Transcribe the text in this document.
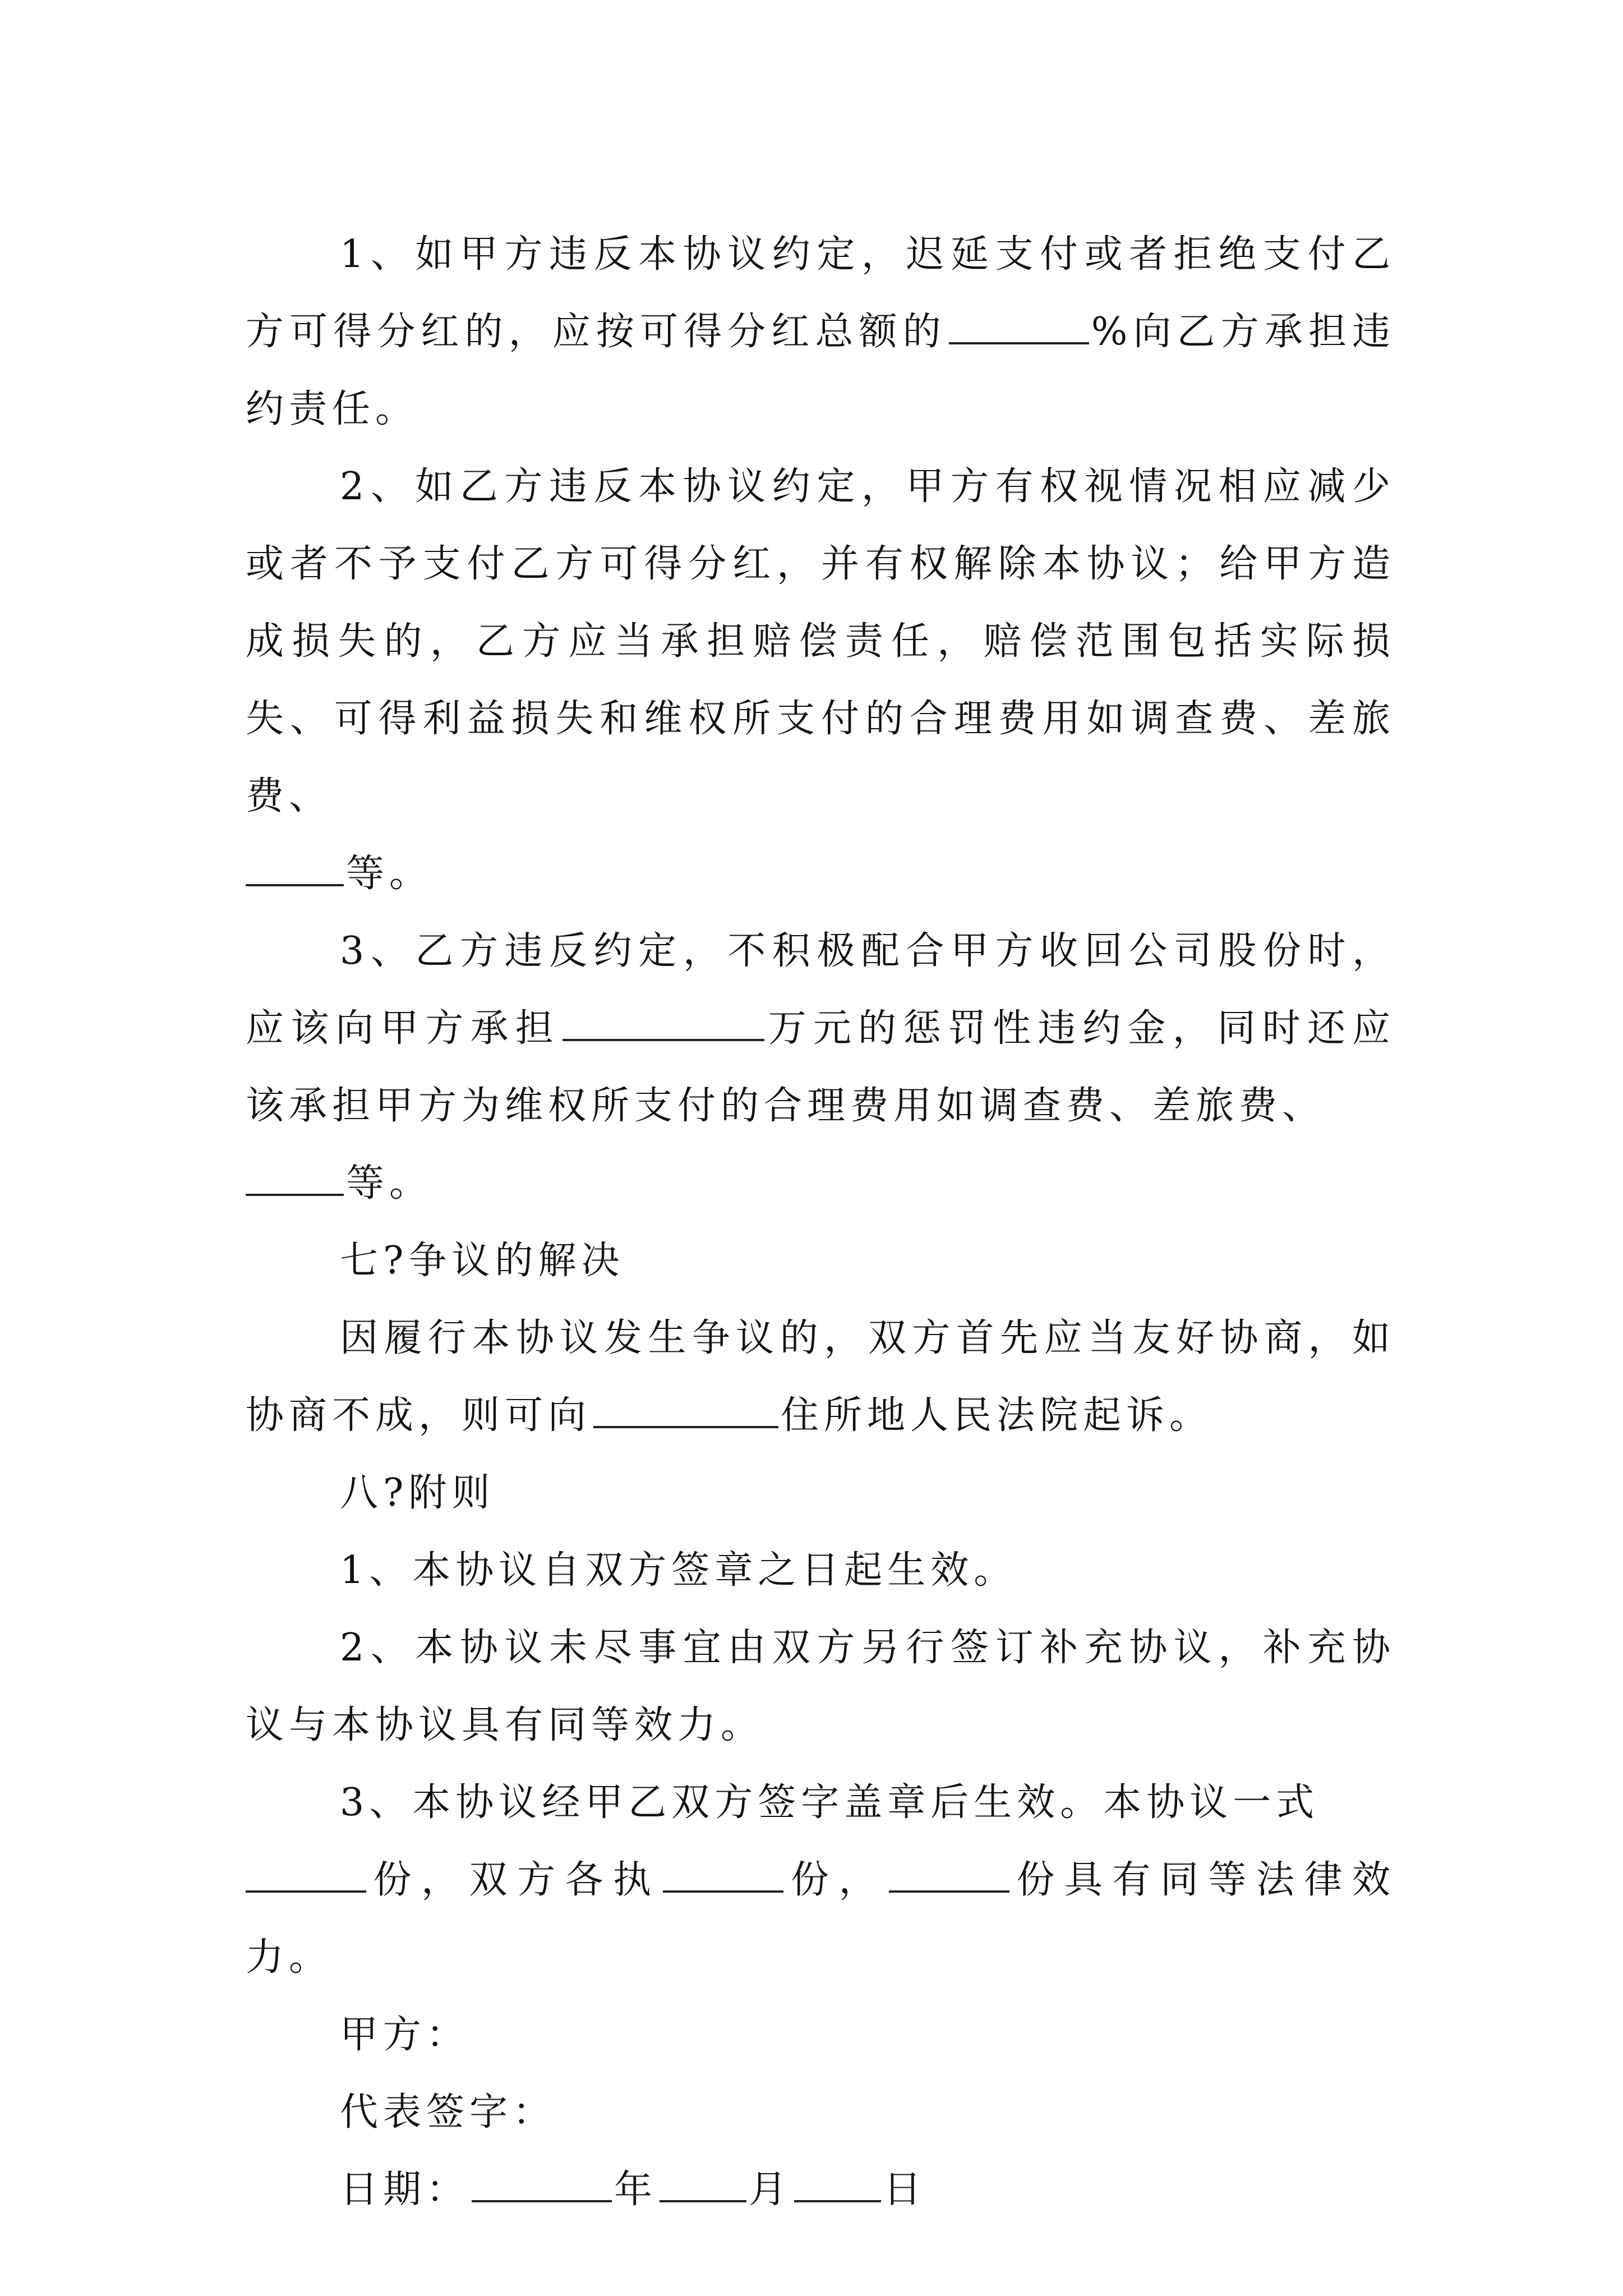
1、如甲方违反本协议约定，迟延支付或者拒绝支付乙方可得分红的，应按可得分红总额的	%向乙方承担违约责任。

2、如乙方违反本协议约定，甲方有权视情况相应减少或者不予支付乙方可得分红，并有权解除本协议；给甲方造成损失的，乙方应当承担赔偿责任，赔偿范围包括实际损失、可得利益损失和维权所支付的合理费用如调查费、差旅费、
等。

3、乙方违反约定，不积极配合甲方收回公司股份时，应该向甲方承担	万元的惩罚性违约金，同时还应该承担甲方为维权所支付的合理费用如调查费、差旅费、
等。

七?争议的解决

因履行本协议发生争议的，双方首先应当友好协商，如协商不成，则可向	住所地人民法院起诉。

八?附则

1、本协议自双方签章之日起生效。

2、本协议未尽事宜由双方另行签订补充协议，补充协议与本协议具有同等效力。

3、本协议经甲乙双方签字盖章后生效。本协议一式
份，双方各执	份，	份具有同等法律效力。

甲方：

代表签字：

日期：	年 月 日
